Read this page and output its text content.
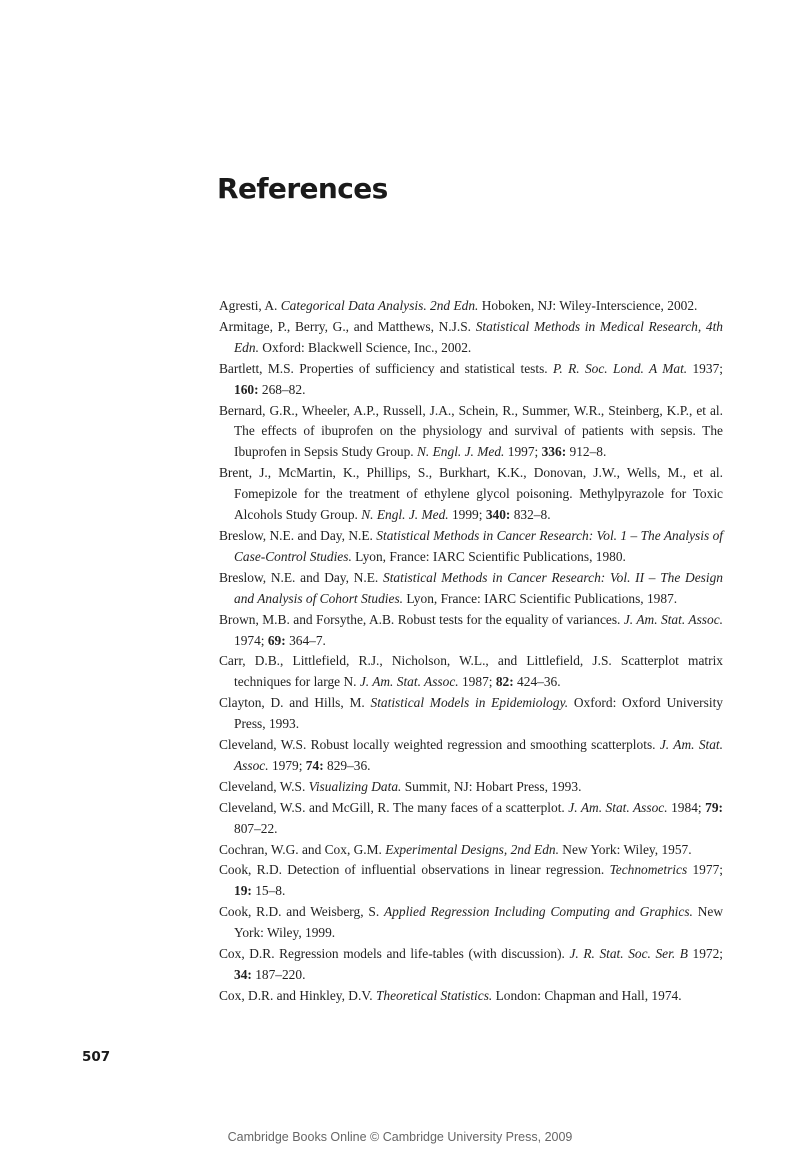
References
Agresti, A. Categorical Data Analysis. 2nd Edn. Hoboken, NJ: Wiley-Interscience, 2002.
Armitage, P., Berry, G., and Matthews, N.J.S. Statistical Methods in Medical Research, 4th Edn. Oxford: Blackwell Science, Inc., 2002.
Bartlett, M.S. Properties of sufficiency and statistical tests. P. R. Soc. Lond. A Mat. 1937; 160: 268–82.
Bernard, G.R., Wheeler, A.P., Russell, J.A., Schein, R., Summer, W.R., Steinberg, K.P., et al. The effects of ibuprofen on the physiology and survival of patients with sepsis. The Ibuprofen in Sepsis Study Group. N. Engl. J. Med. 1997; 336: 912–8.
Brent, J., McMartin, K., Phillips, S., Burkhart, K.K., Donovan, J.W., Wells, M., et al. Fomepizole for the treatment of ethylene glycol poisoning. Methylpyrazole for Toxic Alcohols Study Group. N. Engl. J. Med. 1999; 340: 832–8.
Breslow, N.E. and Day, N.E. Statistical Methods in Cancer Research: Vol. 1 – The Analysis of Case-Control Studies. Lyon, France: IARC Scientific Publications, 1980.
Breslow, N.E. and Day, N.E. Statistical Methods in Cancer Research: Vol. II – The Design and Analysis of Cohort Studies. Lyon, France: IARC Scientific Publications, 1987.
Brown, M.B. and Forsythe, A.B. Robust tests for the equality of variances. J. Am. Stat. Assoc. 1974; 69: 364–7.
Carr, D.B., Littlefield, R.J., Nicholson, W.L., and Littlefield, J.S. Scatterplot matrix techniques for large N. J. Am. Stat. Assoc. 1987; 82: 424–36.
Clayton, D. and Hills, M. Statistical Models in Epidemiology. Oxford: Oxford University Press, 1993.
Cleveland, W.S. Robust locally weighted regression and smoothing scatterplots. J. Am. Stat. Assoc. 1979; 74: 829–36.
Cleveland, W.S. Visualizing Data. Summit, NJ: Hobart Press, 1993.
Cleveland, W.S. and McGill, R. The many faces of a scatterplot. J. Am. Stat. Assoc. 1984; 79: 807–22.
Cochran, W.G. and Cox, G.M. Experimental Designs, 2nd Edn. New York: Wiley, 1957.
Cook, R.D. Detection of influential observations in linear regression. Technometrics 1977; 19: 15–8.
Cook, R.D. and Weisberg, S. Applied Regression Including Computing and Graphics. New York: Wiley, 1999.
Cox, D.R. Regression models and life-tables (with discussion). J. R. Stat. Soc. Ser. B 1972; 34: 187–220.
Cox, D.R. and Hinkley, D.V. Theoretical Statistics. London: Chapman and Hall, 1974.
507
Cambridge Books Online © Cambridge University Press, 2009
